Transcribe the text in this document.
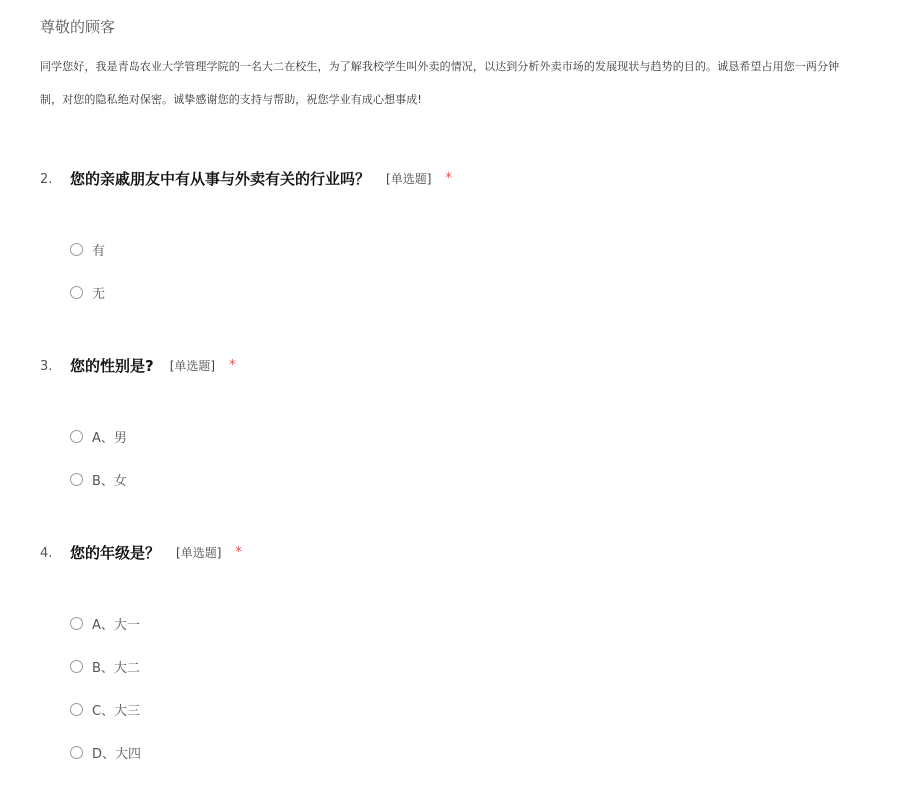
尊敬的顾客
同学您好，我是青岛农业大学管理学院的一名大二在校生，为了解我校学生叫外卖的情况，以达到分析外卖市场的发展现状与趋势的目的。诚恳希望占用您一两分钟
制，对您的隐私绝对保密。诚挚感谢您的支持与帮助，祝您学业有成心想事成!
2. 您的亲戚朋友中有从事与外卖有关的行业吗？ [单选题] *
有
无
3. 您的性别是? [单选题] *
A、男
B、女
4. 您的年级是？ [单选题] *
A、大一
B、大二
C、大三
D、大四
